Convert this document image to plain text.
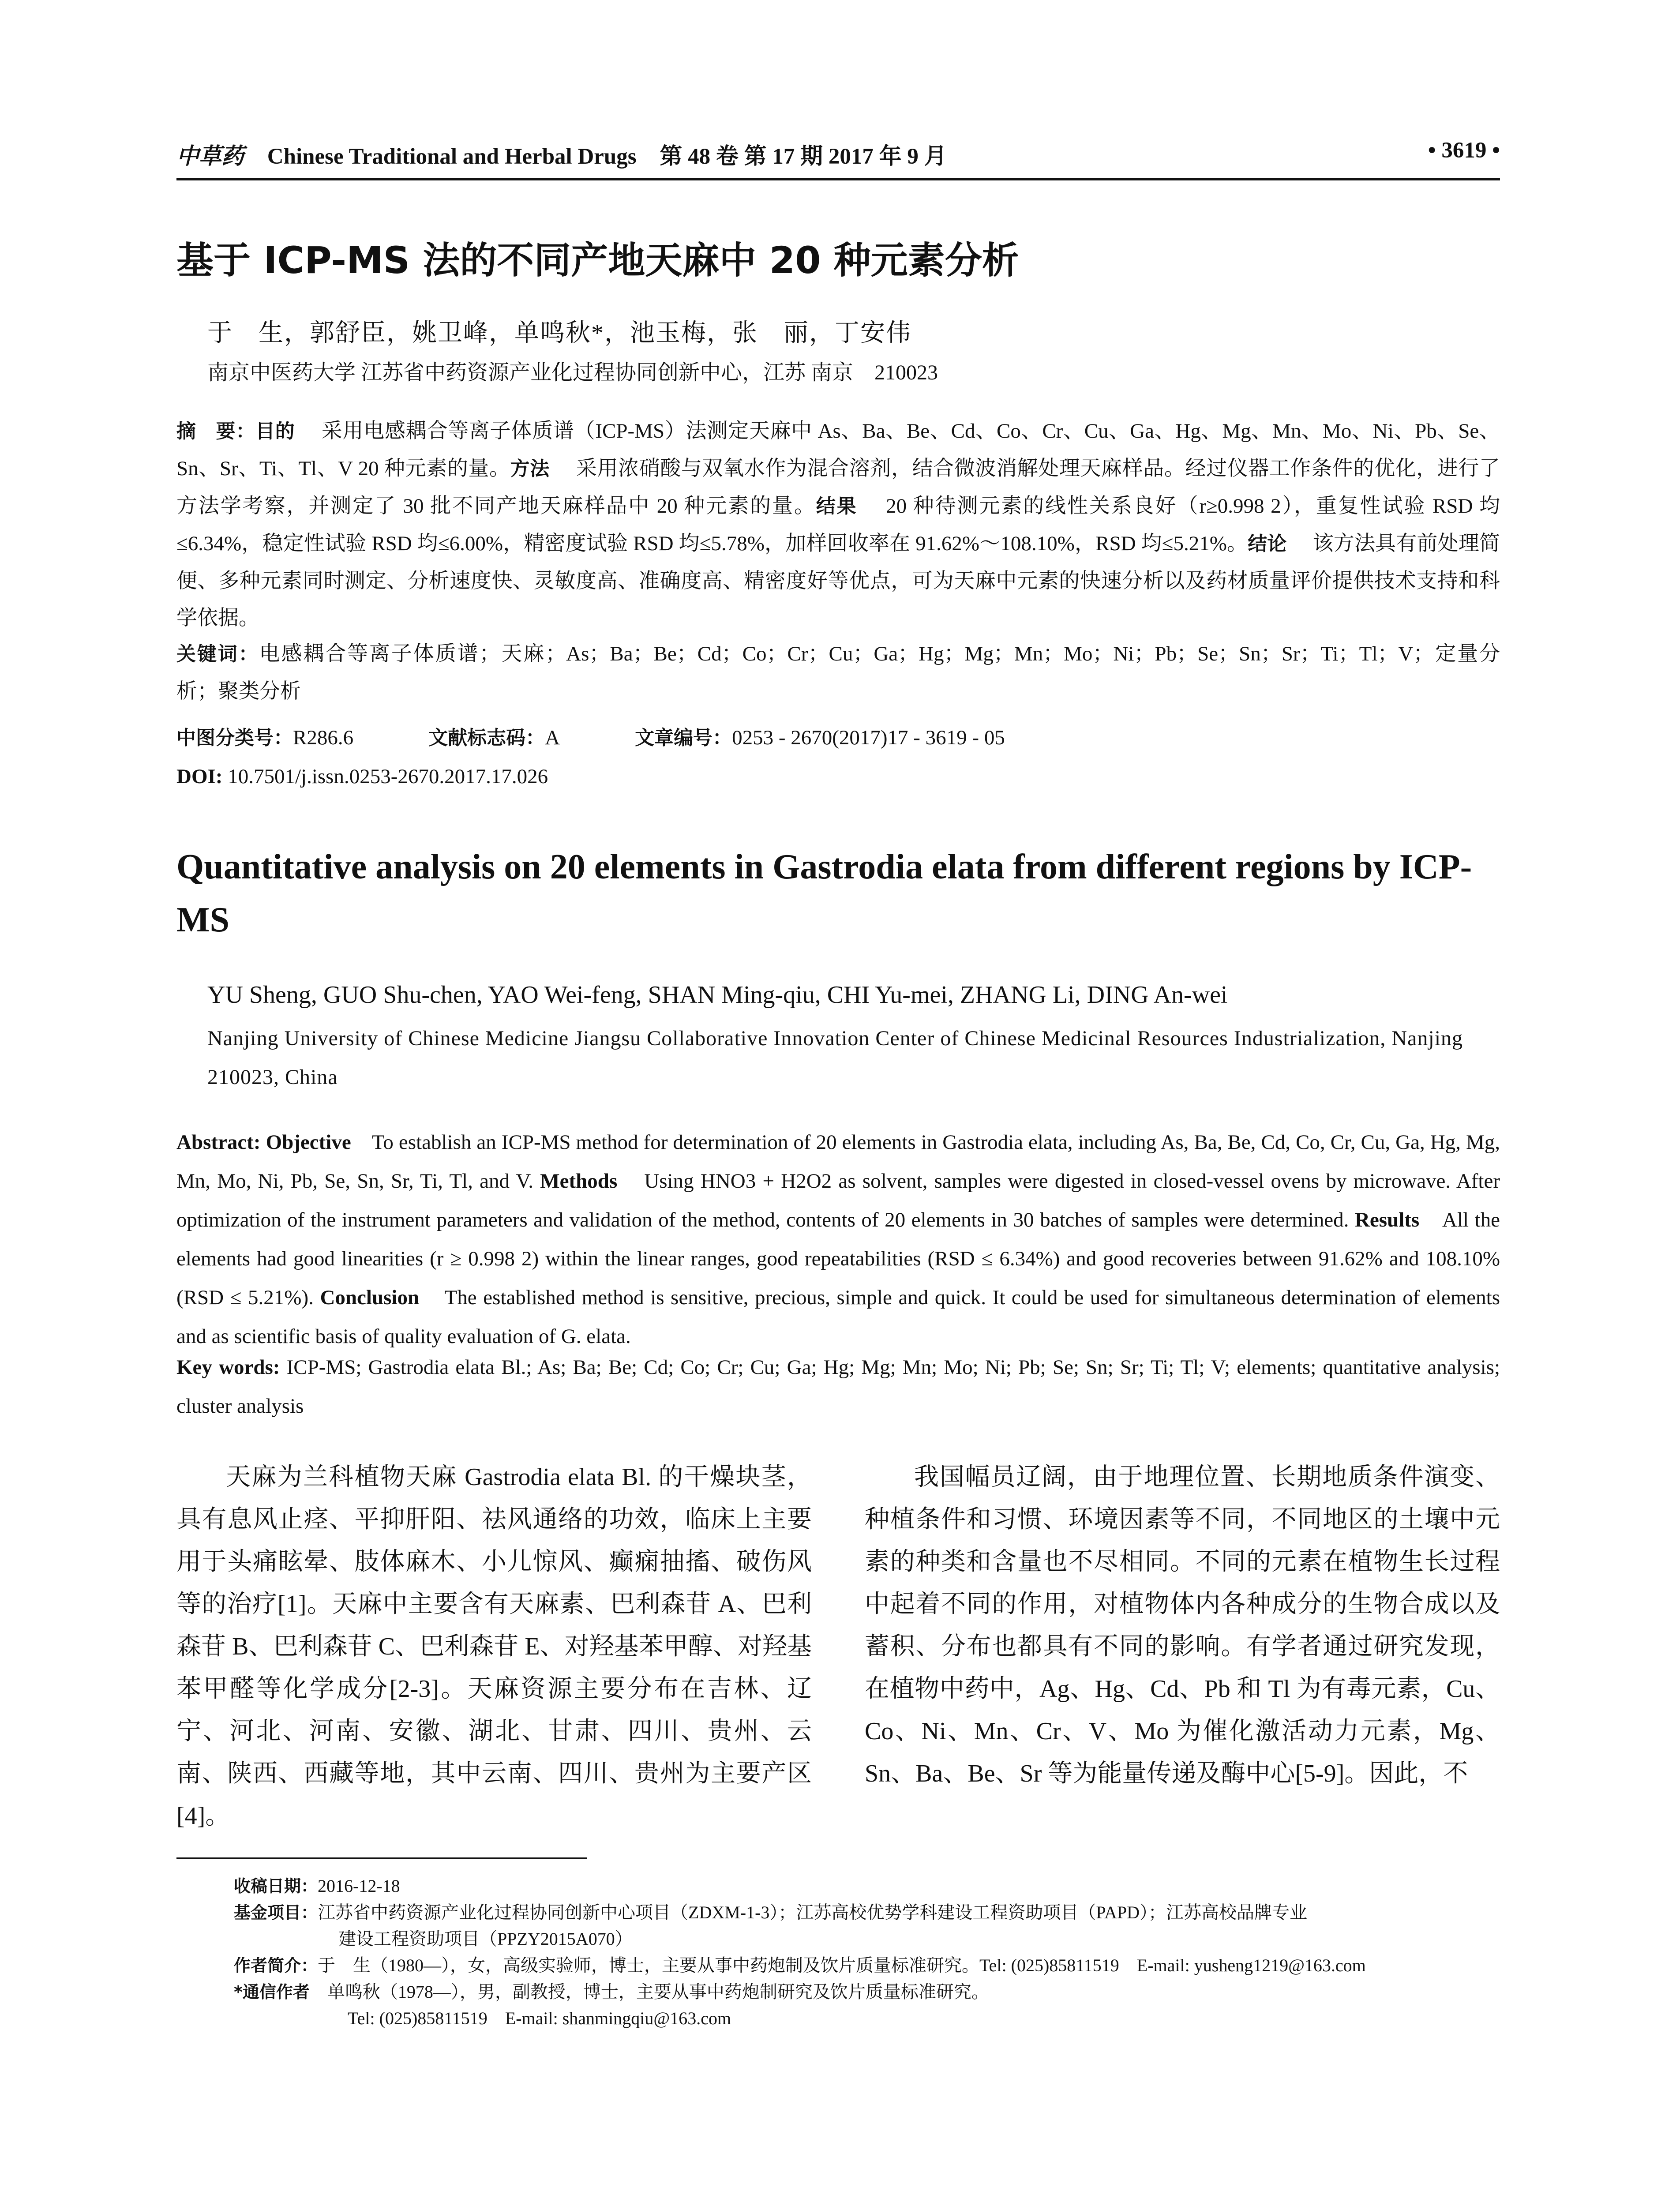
中草药 Chinese Traditional and Herbal Drugs 第 48 卷 第 17 期 2017 年 9 月	• 3619 •
基于 ICP-MS 法的不同产地天麻中 20 种元素分析
于　生，郭舒臣，姚卫峰，单鸣秋*，池玉梅，张　丽，丁安伟
南京中医药大学 江苏省中药资源产业化过程协同创新中心，江苏 南京　210023
摘　要：目的　 采用电感耦合等离子体质谱（ICP-MS）法测定天麻中 As、Ba、Be、Cd、Co、Cr、Cu、Ga、Hg、Mg、Mn、Mo、Ni、Pb、Se、Sn、Sr、Ti、Tl、V 20 种元素的量。方法　 采用浓硝酸与双氧水作为混合溶剂，结合微波消解处理天麻样品。经过仪器工作条件的优化，进行了方法学考察，并测定了 30 批不同产地天麻样品中 20 种元素的量。结果　 20 种待测元素的线性关系良好（r≥0.998 2），重复性试验 RSD 均≤6.34%，稳定性试验 RSD 均≤6.00%，精密度试验 RSD 均≤5.78%，加样回收率在 91.62%～108.10%，RSD 均≤5.21%。结论　 该方法具有前处理简便、多种元素同时测定、分析速度快、灵敏度高、准确度高、精密度好等优点，可为天麻中元素的快速分析以及药材质量评价提供技术支持和科学依据。
关键词：电感耦合等离子体质谱；天麻；As；Ba；Be；Cd；Co；Cr；Cu；Ga；Hg；Mg；Mn；Mo；Ni；Pb；Se；Sn；Sr；Ti；Tl；V；定量分析；聚类分析
中图分类号：R286.6	文献标志码：A	文章编号：0253 - 2670(2017)17 - 3619 - 05
DOI: 10.7501/j.issn.0253-2670.2017.17.026
Quantitative analysis on 20 elements in Gastrodia elata from different regions by ICP-MS
YU Sheng, GUO Shu-chen, YAO Wei-feng, SHAN Ming-qiu, CHI Yu-mei, ZHANG Li, DING An-wei
Nanjing University of Chinese Medicine Jiangsu Collaborative Innovation Center of Chinese Medicinal Resources Industrialization, Nanjing 210023, China
Abstract: Objective To establish an ICP-MS method for determination of 20 elements in Gastrodia elata, including As, Ba, Be, Cd, Co, Cr, Cu, Ga, Hg, Mg, Mn, Mo, Ni, Pb, Se, Sn, Sr, Ti, Tl, and V. Methods Using HNO3 + H2O2 as solvent, samples were digested in closed-vessel ovens by microwave. After optimization of the instrument parameters and validation of the method, contents of 20 elements in 30 batches of samples were determined. Results All the elements had good linearities (r ≥ 0.998 2) within the linear ranges, good repeatabilities (RSD ≤ 6.34%) and good recoveries between 91.62% and 108.10% (RSD ≤ 5.21%). Conclusion The established method is sensitive, precious, simple and quick. It could be used for simultaneous determination of elements and as scientific basis of quality evaluation of G. elata.
Key words: ICP-MS; Gastrodia elata Bl.; As; Ba; Be; Cd; Co; Cr; Cu; Ga; Hg; Mg; Mn; Mo; Ni; Pb; Se; Sn; Sr; Ti; Tl; V; elements; quantitative analysis; cluster analysis
天麻为兰科植物天麻 Gastrodia elata Bl. 的干燥块茎，具有息风止痉、平抑肝阳、祛风通络的功效，临床上主要用于头痛眩晕、肢体麻木、小儿惊风、癫痫抽搐、破伤风等的治疗[1]。天麻中主要含有天麻素、巴利森苷 A、巴利森苷 B、巴利森苷 C、巴利森苷 E、对羟基苯甲醇、对羟基苯甲醛等化学成分[2-3]。天麻资源主要分布在吉林、辽宁、河北、河南、安徽、湖北、甘肃、四川、贵州、云南、陕西、西藏等地，其中云南、四川、贵州为主要产区[4]。
我国幅员辽阔，由于地理位置、长期地质条件演变、种植条件和习惯、环境因素等不同，不同地区的土壤中元素的种类和含量也不尽相同。不同的元素在植物生长过程中起着不同的作用，对植物体内各种成分的生物合成以及蓄积、分布也都具有不同的影响。有学者通过研究发现，在植物中药中，Ag、Hg、Cd、Pb 和 Tl 为有毒元素，Cu、Co、Ni、Mn、Cr、V、Mo 为催化激活动力元素，Mg、Sn、Ba、Be、Sr 等为能量传递及酶中心[5-9]。因此，不
收稿日期：2016-12-18
基金项目：江苏省中药资源产业化过程协同创新中心项目（ZDXM-1-3）；江苏高校优势学科建设工程资助项目（PAPD）；江苏高校品牌专业
建设工程资助项目（PPZY2015A070）
作者简介：于　生（1980—），女，高级实验师，博士，主要从事中药炮制及饮片质量标准研究。Tel: (025)85811519　E-mail: yusheng1219@163.com
*通信作者　 单鸣秋（1978—），男，副教授，博士，主要从事中药炮制研究及饮片质量标准研究。
Tel: (025)85811519　E-mail: shanmingqiu@163.com
